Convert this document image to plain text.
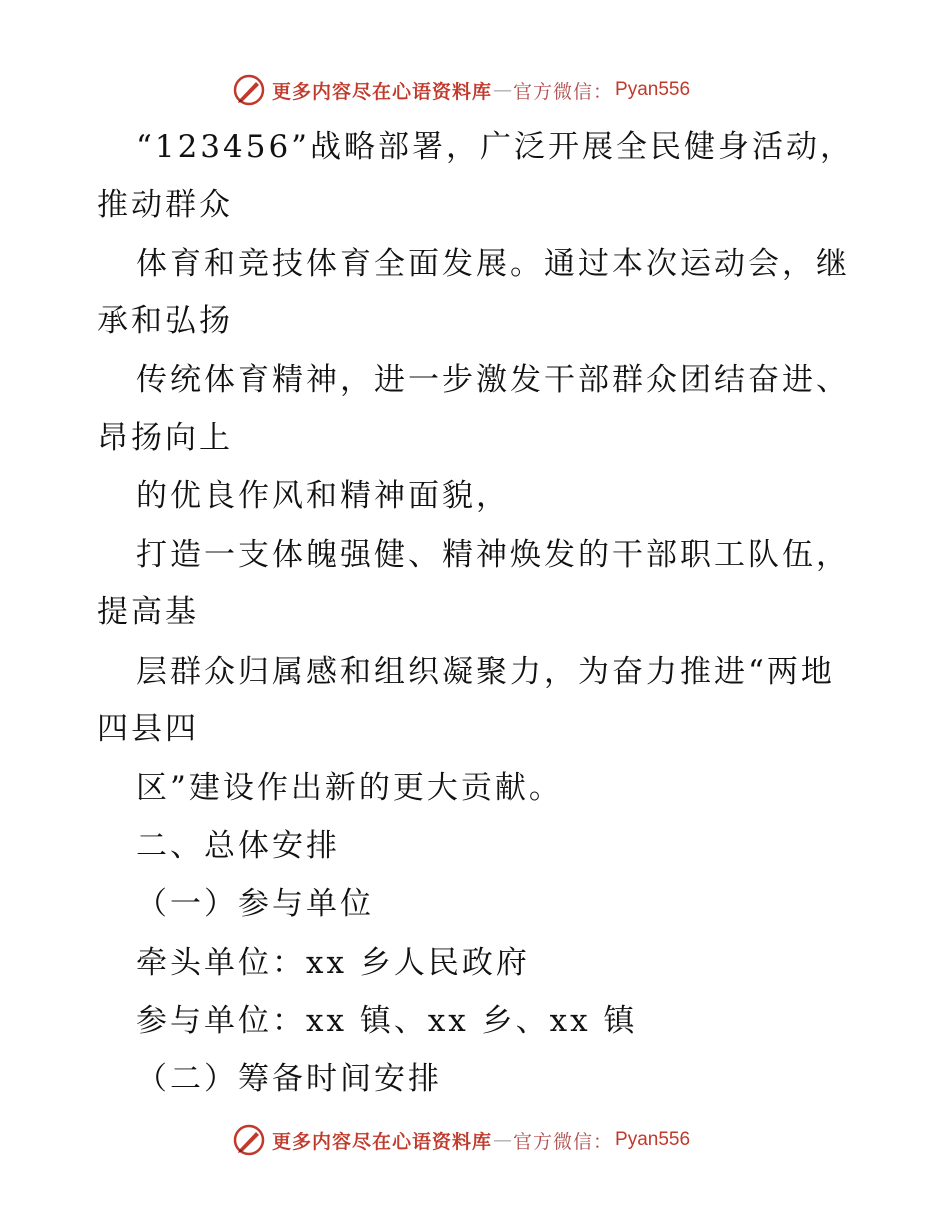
更多内容尽在心语资料库 — 官方微信： Pyan556
“123456”战略部署，广泛开展全民健身活动，
推动群众
体育和竞技体育全面发展。通过本次运动会，继
承和弘扬
传统体育精神，进一步激发干部群众团结奋进、
昂扬向上
的优良作风和精神面貌，
打造一支体魄强健、精神焕发的干部职工队伍，
提高基
层群众归属感和组织凝聚力，为奋力推进“两地
四县四
区”建设作出新的更大贡献。
二、总体安排
（一）参与单位
牵头单位：xx 乡人民政府
参与单位：xx 镇、xx 乡、xx 镇
（二）筹备时间安排
更多内容尽在心语资料库 — 官方微信： Pyan556
